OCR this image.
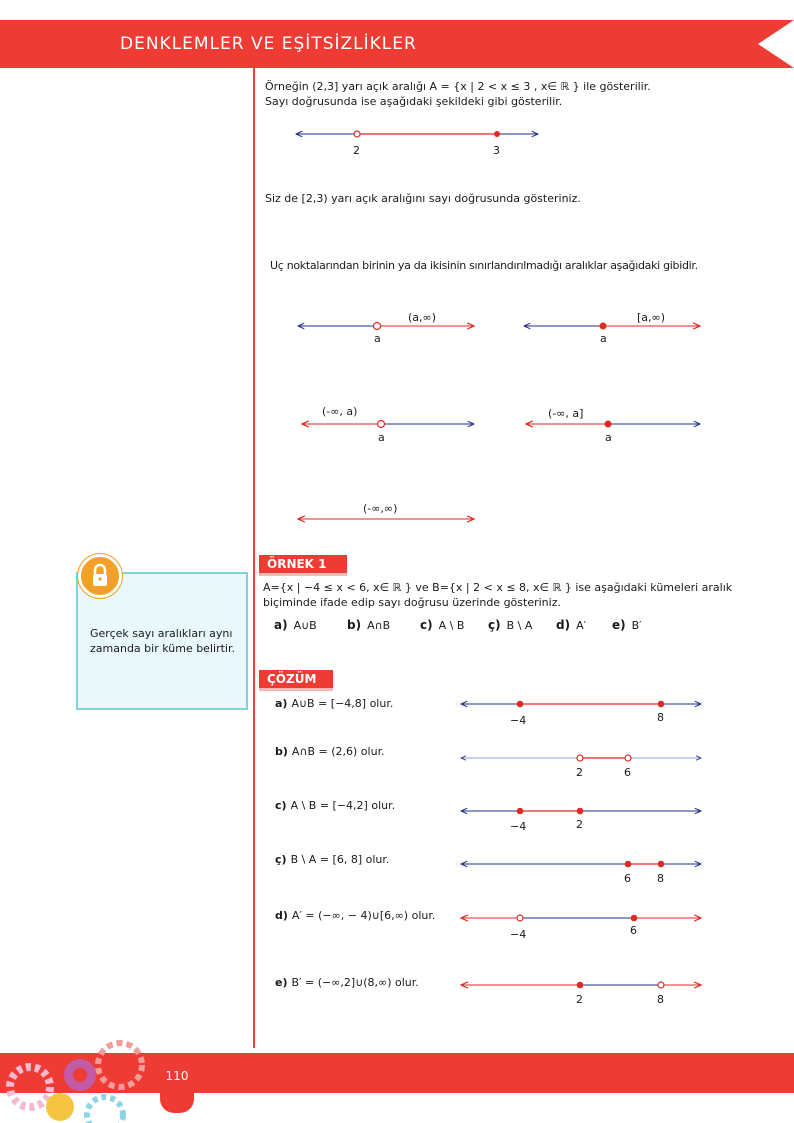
DENKLEMLER VE EŞİTSİZLİKLER
Örneğin (2,3] yarı açık aralığı A = {x | 2 < x ≤ 3 , x∈ ℝ } ile gösterilir.
Sayı doğrusunda ise aşağıdaki şekildeki gibi gösterilir.
Siz de [2,3) yarı açık aralığını sayı doğrusunda gösteriniz.
Uç noktalarından birinin ya da ikisinin sınırlandırılmadığı aralıklar aşağıdaki gibidir.
2	3
(a,∞)
a
[a,∞)
a
(-∞, a)
a
(-∞, a]
a
(-∞,∞)
−4	8
2	6
−4	2
6 8
−4	6
2	8
Gerçek sayı aralıkları aynı zamanda bir küme belirtir.
ÖRNEK 1
A={x | −4 ≤ x < 6, x∈ ℝ } ve B={x | 2 < x ≤ 8, x∈ ℝ } ise aşağıdaki kümeleri aralık
biçiminde ifade edip sayı doğrusu üzerinde gösteriniz.
a) A∪B	b) A∩B c) A \ B ç) B \ A d) A′ e) B′
ÇÖZÜM
a) A∪B = [−4,8] olur.
b) A∩B = (2,6) olur.
c) A \ B = [−4,2] olur.
ç) B \ A = [6, 8] olur.
d) A′ = (−∞, − 4)∪[6,∞) olur.
e) B′ = (−∞,2]∪(8,∞) olur.
110
